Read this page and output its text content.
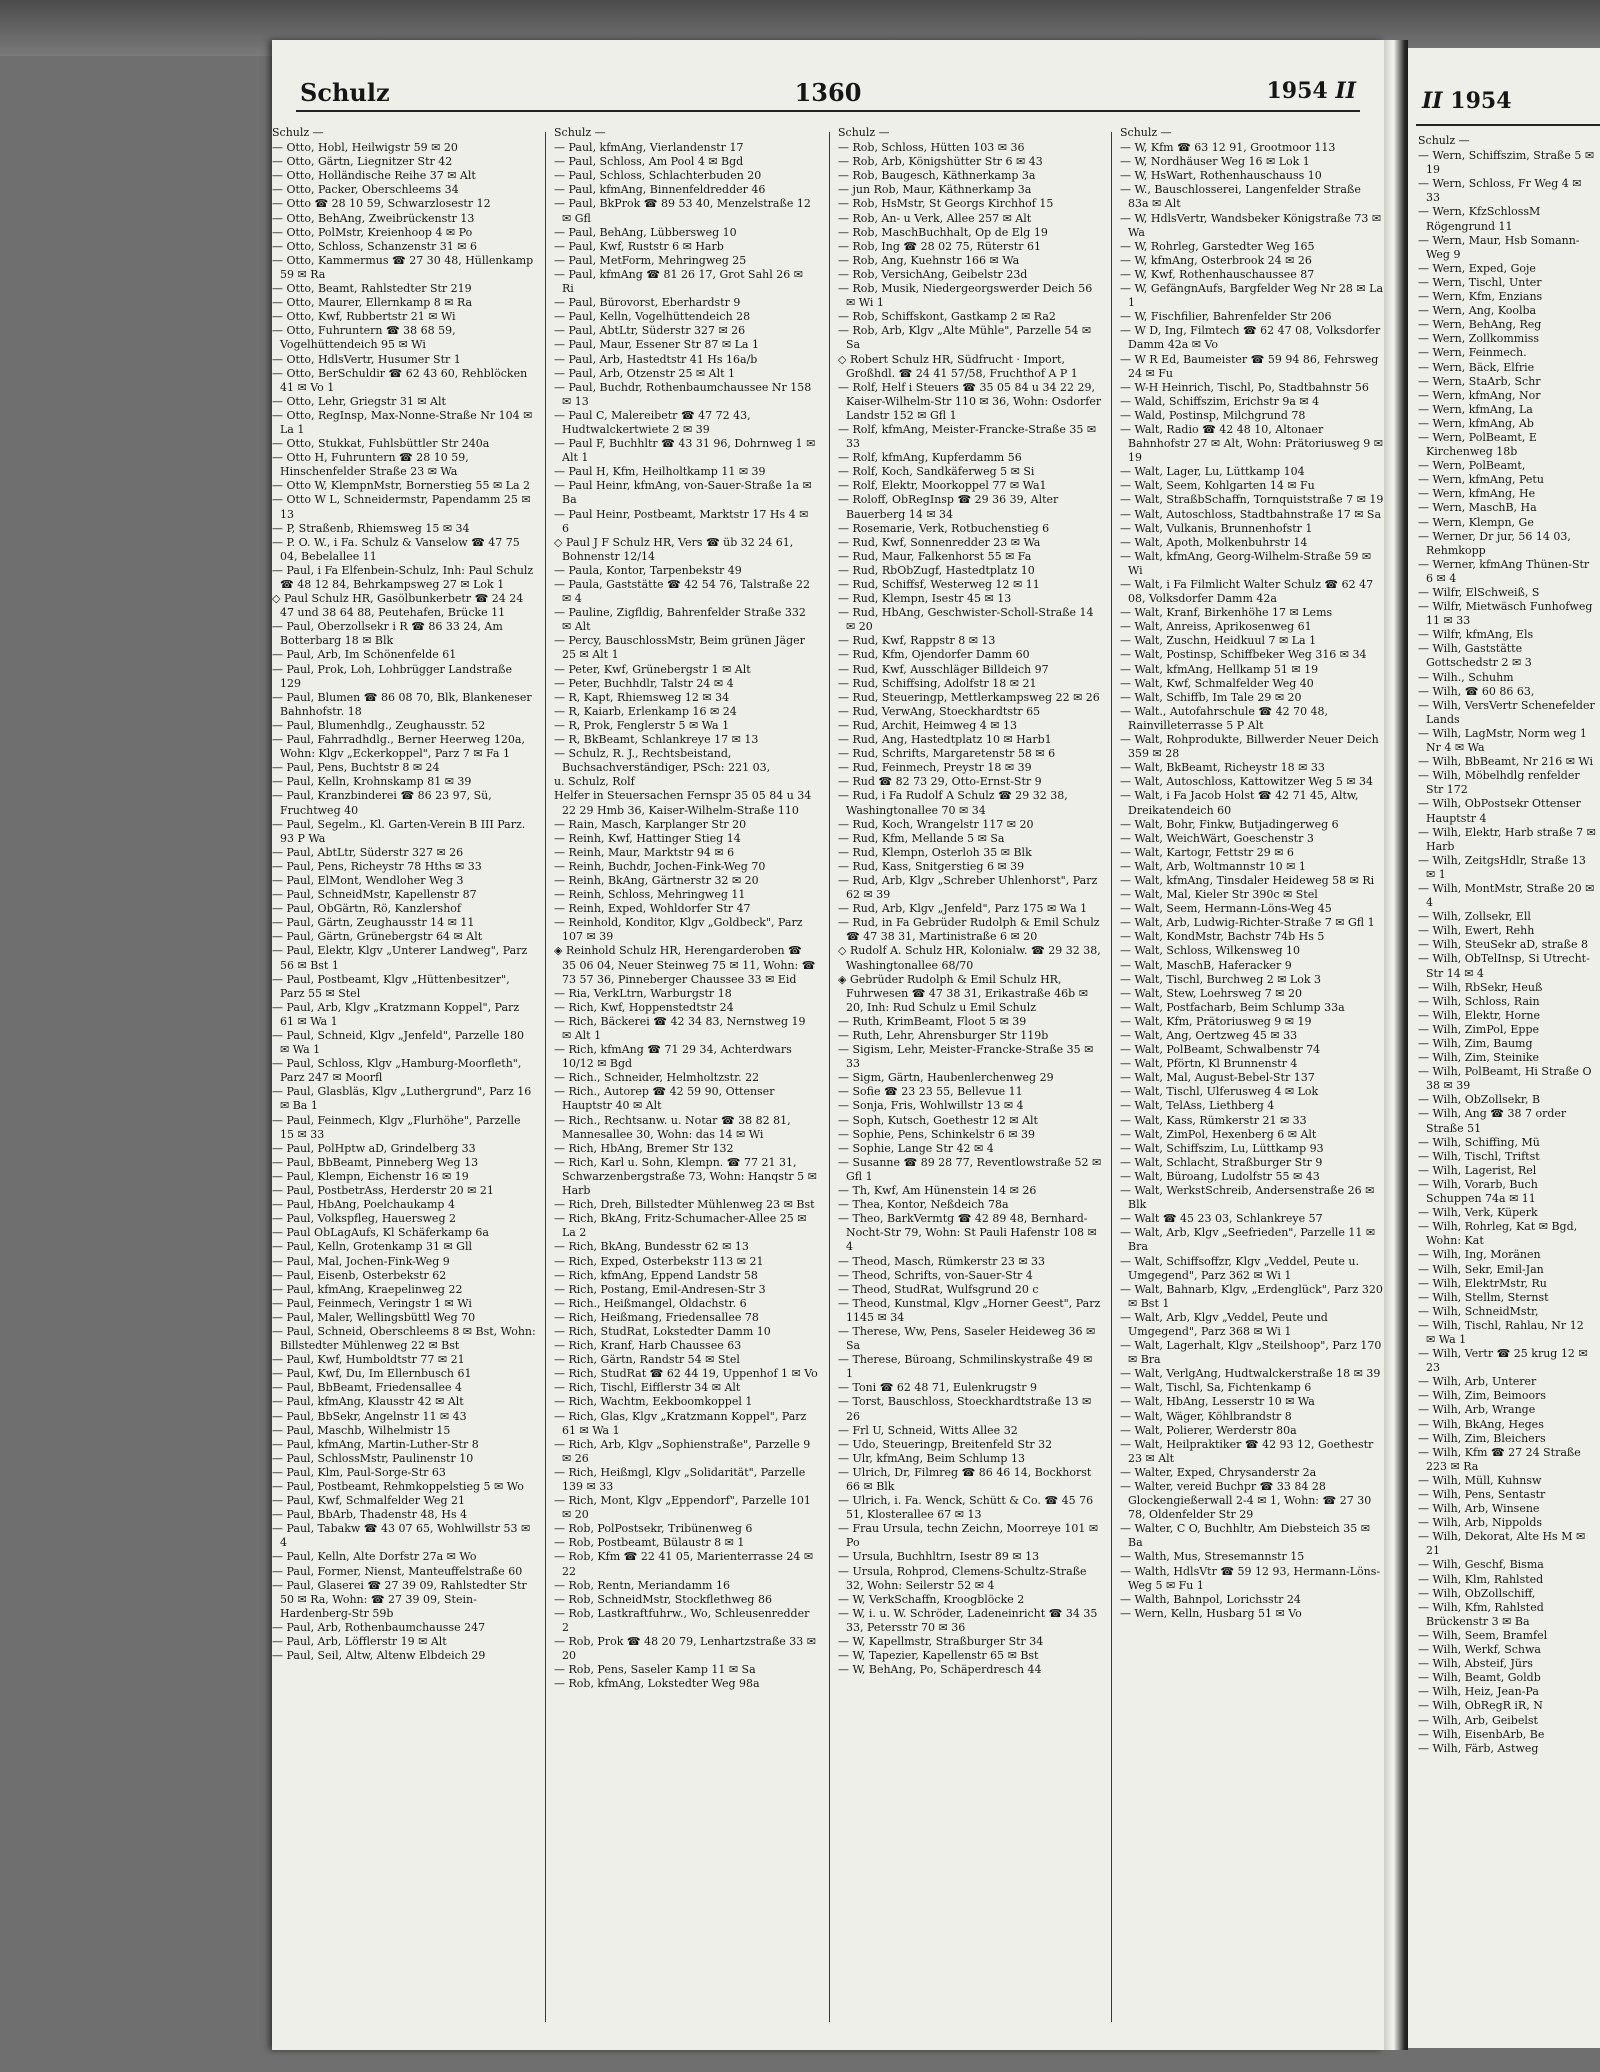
Schulz	1360	1954 II
Schulz —
— Otto, Hobl, Heilwigstr 59 ✉ 20
— Otto, Gärtn, Liegnitzer Str 42
— Otto, Holländische Reihe 37 ✉ Alt
— Otto, Packer, Oberschleems 34
— Otto ☎ 28 10 59, Schwarzlosestr 12
— Otto, BehAng, Zweibrückenstr 13
— Otto, PolMstr, Kreienhoop 4 ✉ Po
— Otto, Schloss, Schanzenstr 31 ✉ 6
— Otto, Kammermus ☎ 27 30 48, Hüllenkamp 59 ✉ Ra
— Otto, Beamt, Rahlstedter Str 219
— Otto, Maurer, Ellernkamp 8 ✉ Ra
— Otto, Kwf, Rubbertstr 21 ✉ Wi
— Otto, Fuhruntern ☎ 38 68 59, Vogelhüttendeich 95 ✉ Wi
— Otto, HdlsVertr, Husumer Str 1
— Otto, BerSchuldir ☎ 62 43 60, Rehblöcken 41 ✉ Vo 1
— Otto, Lehr, Griegstr 31 ✉ Alt
— Otto, RegInsp, Max-Nonne-Straße Nr 104 ✉ La 1
— Otto, Stukkat, Fuhlsbüttler Str 240a
— Otto H, Fuhruntern ☎ 28 10 59, Hinschenfelder Straße 23 ✉ Wa
— Otto W, KlempnMstr, Bornerstieg 55 ✉ La 2
— Otto W L, Schneidermstr, Papendamm 25 ✉ 13
— P, Straßenb, Rhiemsweg 15 ✉ 34
— P. O. W., i Fa. Schulz & Vanselow ☎ 47 75 04, Bebelallee 11
— Paul, i Fa Elfenbein-Schulz, Inh: Paul Schulz ☎ 48 12 84, Behrkampsweg 27 ✉ Lok 1
◇ Paul Schulz HR, Gasölbunkerbetr ☎ 24 24 47 und 38 64 88, Peutehafen, Brücke 11
— Paul, Oberzollsekr i R ☎ 86 33 24, Am Botterbarg 18 ✉ Blk
— Paul, Arb, Im Schönenfelde 61
— Paul, Prok, Loh, Lohbrügger Landstraße 129
— Paul, Blumen ☎ 86 08 70, Blk, Blankeneser Bahnhofstr. 18
— Paul, Blumenhdlg., Zeughausstr. 52
— Paul, Fahrradhdlg., Berner Heerweg 120a, Wohn: Klgv „Eckerkoppel", Parz 7 ✉ Fa 1
— Paul, Pens, Buchtstr 8 ✉ 24
— Paul, Kelln, Krohnskamp 81 ✉ 39
— Paul, Kranzbinderei ☎ 86 23 97, Sü, Fruchtweg 40
— Paul, Segelm., Kl. Garten-Verein B III Parz. 93 P Wa
— Paul, AbtLtr, Süderstr 327 ✉ 26
— Paul, Pens, Richeystr 78 Hths ✉ 33
— Paul, ElMont, Wendloher Weg 3
— Paul, SchneidMstr, Kapellenstr 87
— Paul, ObGärtn, Rö, Kanzlershof
— Paul, Gärtn, Zeughausstr 14 ✉ 11
— Paul, Gärtn, Grünebergstr 64 ✉ Alt
— Paul, Elektr, Klgv „Unterer Landweg", Parz 56 ✉ Bst 1
— Paul, Postbeamt, Klgv „Hüttenbesitzer", Parz 55 ✉ Stel
— Paul, Arb, Klgv „Kratzmann Koppel", Parz 61 ✉ Wa 1
— Paul, Schneid, Klgv „Jenfeld", Parzelle 180 ✉ Wa 1
— Paul, Schloss, Klgv „Hamburg-Moorfleth", Parz 247 ✉ Moorfl
— Paul, Glasbläs, Klgv „Luthergrund", Parz 16 ✉ Ba 1
— Paul, Feinmech, Klgv „Flurhöhe", Parzelle 15 ✉ 33
— Paul, PolHptw aD, Grindelberg 33
— Paul, BbBeamt, Pinneberg Weg 13
— Paul, Klempn, Eichenstr 16 ✉ 19
— Paul, PostbetrAss, Herderstr 20 ✉ 21
— Paul, HbAng, Poelchaukamp 4
— Paul, Volkspfleg, Hauersweg 2
— Paul ObLagAufs, Kl Schäferkamp 6a
— Paul, Kelln, Grotenkamp 31 ✉ Gll
— Paul, Mal, Jochen-Fink-Weg 9
— Paul, Eisenb, Osterbekstr 62
— Paul, kfmAng, Kraepelinweg 22
— Paul, Feinmech, Veringstr 1 ✉ Wi
— Paul, Maler, Wellingsbüttl Weg 70
— Paul, Schneid, Oberschleems 8 ✉ Bst, Wohn: Billstedter Mühlenweg 22 ✉ Bst
— Paul, Kwf, Humboldtstr 77 ✉ 21
— Paul, Kwf, Du, Im Ellernbusch 61
— Paul, BbBeamt, Friedensallee 4
— Paul, kfmAng, Klausstr 42 ✉ Alt
— Paul, BbSekr, Angelnstr 11 ✉ 43
— Paul, Maschb, Wilhelmistr 15
— Paul, kfmAng, Martin-Luther-Str 8
— Paul, SchlossMstr, Paulinenstr 10
— Paul, Klm, Paul-Sorge-Str 63
— Paul, Postbeamt, Rehmkoppelstieg 5 ✉ Wo
— Paul, Kwf, Schmalfelder Weg 21
— Paul, BbArb, Thadenstr 48, Hs 4
— Paul, Tabakw ☎ 43 07 65, Wohlwillstr 53 ✉ 4
— Paul, Kelln, Alte Dorfstr 27a ✉ Wo
— Paul, Former, Nienst, Manteuffelstraße 60
— Paul, Glaserei ☎ 27 39 09, Rahlstedter Str 50 ✉ Ra, Wohn: ☎ 27 39 09, Stein-Hardenberg-Str 59b
— Paul, Arb, Rothenbaumchausse 247
— Paul, Arb, Löfflerstr 19 ✉ Alt
— Paul, Seil, Altw, Altenw Elbdeich 29
Schulz —
— Paul, kfmAng, Vierlandenstr 17
— Paul, Schloss, Am Pool 4 ✉ Bgd
— Paul, Schloss, Schlachterbuden 20
— Paul, kfmAng, Binnenfeldredder 46
— Paul, BkProk ☎ 89 53 40, Menzelstraße 12 ✉ Gfl
— Paul, BehAng, Lübbersweg 10
— Paul, Kwf, Ruststr 6 ✉ Harb
— Paul, MetForm, Mehringweg 25
— Paul, kfmAng ☎ 81 26 17, Grot Sahl 26 ✉ Ri
— Paul, Bürovorst, Eberhardstr 9
— Paul, Kelln, Vogelhüttendeich 28
— Paul, AbtLtr, Süderstr 327 ✉ 26
— Paul, Maur, Essener Str 87 ✉ La 1
— Paul, Arb, Hastedtstr 41 Hs 16a/b
— Paul, Arb, Otzenstr 25 ✉ Alt 1
— Paul, Buchdr, Rothenbaumchaussee Nr 158 ✉ 13
— Paul C, Malereibetr ☎ 47 72 43, Hudtwalckertwiete 2 ✉ 39
— Paul F, Buchhltr ☎ 43 31 96, Dohrnweg 1 ✉ Alt 1
— Paul H, Kfm, Heilholtkamp 11 ✉ 39
— Paul Heinr, kfmAng, von-Sauer-Straße 1a ✉ Ba
— Paul Heinr, Postbeamt, Marktstr 17 Hs 4 ✉ 6
◇ Paul J F Schulz HR, Vers ☎ üb 32 24 61, Bohnenstr 12/14
— Paula, Kontor, Tarpenbekstr 49
— Paula, Gaststätte ☎ 42 54 76, Talstraße 22 ✉ 4
— Pauline, Zigfldig, Bahrenfelder Straße 332 ✉ Alt
— Percy, BauschlossMstr, Beim grünen Jäger 25 ✉ Alt 1
— Peter, Kwf, Grünebergstr 1 ✉ Alt
— Peter, Buchhdlr, Talstr 24 ✉ 4
— R, Kapt, Rhiemsweg 12 ✉ 34
— R, Kaiarb, Erlenkamp 16 ✉ 24
— R, Prok, Fenglerstr 5 ✉ Wa 1
— R, BkBeamt, Schlankreye 17 ✉ 13
— Schulz, R. J., Rechtsbeistand, Buchsachverständiger, PSch: 221 03,
u. Schulz, Rolf
Helfer in Steuersachen Fernspr 35 05 84 u 34 22 29 Hmb 36, Kaiser-Wilhelm-Straße 110
— Rain, Masch, Karplanger Str 20
— Reinh, Kwf, Hattinger Stieg 14
— Reinh, Maur, Marktstr 94 ✉ 6
— Reinh, Buchdr, Jochen-Fink-Weg 70
— Reinh, BkAng, Gärtnerstr 32 ✉ 20
— Reinh, Schloss, Mehringweg 11
— Reinh, Exped, Wohldorfer Str 47
— Reinhold, Konditor, Klgv „Goldbeck", Parz 107 ✉ 39
◈ Reinhold Schulz HR, Herengarderoben ☎ 35 06 04, Neuer Steinweg 75 ✉ 11, Wohn: ☎ 73 57 36, Pinneberger Chaussee 33 ✉ Eid
— Ria, VerkLtrn, Warburgstr 18
— Rich, Kwf, Hoppenstedtstr 24
— Rich, Bäckerei ☎ 42 34 83, Nernstweg 19 ✉ Alt 1
— Rich, kfmAng ☎ 71 29 34, Achterdwars 10/12 ✉ Bgd
— Rich., Schneider, Helmholtzstr. 22
— Rich., Autorep ☎ 42 59 90, Ottenser Hauptstr 40 ✉ Alt
— Rich., Rechtsanw. u. Notar ☎ 38 82 81, Mannesallee 30, Wohn: das 14 ✉ Wi
— Rich, HbAng, Bremer Str 132
— Rich, Karl u. Sohn, Klempn. ☎ 77 21 31, Schwarzenbergstraße 73, Wohn: Hanqstr 5 ✉ Harb
— Rich, Dreh, Billstedter Mühlenweg 23 ✉ Bst
— Rich, BkAng, Fritz-Schumacher-Allee 25 ✉ La 2
— Rich, BkAng, Bundesstr 62 ✉ 13
— Rich, Exped, Osterbekstr 113 ✉ 21
— Rich, kfmAng, Eppend Landstr 58
— Rich, Postang, Emil-Andresen-Str 3
— Rich., Heißmangel, Oldachstr. 6
— Rich, Heißmang, Friedensallee 78
— Rich, StudRat, Lokstedter Damm 10
— Rich, Kranf, Harb Chaussee 63
— Rich, Gärtn, Randstr 54 ✉ Stel
— Rich, StudRat ☎ 62 44 19, Uppenhof 1 ✉ Vo
— Rich, Tischl, Eifflerstr 34 ✉ Alt
— Rich, Wachtm, Eekboomkoppel 1
— Rich, Glas, Klgv „Kratzmann Koppel", Parz 61 ✉ Wa 1
— Rich, Arb, Klgv „Sophienstraße", Parzelle 9 ✉ 26
— Rich, Heißmgl, Klgv „Solidarität", Parzelle 139 ✉ 33
— Rich, Mont, Klgv „Eppendorf", Parzelle 101 ✉ 20
— Rob, PolPostsekr, Tribünenweg 6
— Rob, Postbeamt, Bülaustr 8 ✉ 1
— Rob, Kfm ☎ 22 41 05, Marienterrasse 24 ✉ 22
— Rob, Rentn, Meriandamm 16
— Rob, SchneidMstr, Stockflethweg 86
— Rob, Lastkraftfuhrw., Wo, Schleusenredder 2
— Rob, Prok ☎ 48 20 79, Lenhartzstraße 33 ✉ 20
— Rob, Pens, Saseler Kamp 11 ✉ Sa
— Rob, kfmAng, Lokstedter Weg 98a
Schulz —
— Rob, Schloss, Hütten 103 ✉ 36
— Rob, Arb, Königshütter Str 6 ✉ 43
— Rob, Baugesch, Käthnerkamp 3a
— jun Rob, Maur, Käthnerkamp 3a
— Rob, HsMstr, St Georgs Kirchhof 15
— Rob, An- u Verk, Allee 257 ✉ Alt
— Rob, MaschBuchhalt, Op de Elg 19
— Rob, Ing ☎ 28 02 75, Rüterstr 61
— Rob, Ang, Kuehnstr 166 ✉ Wa
— Rob, VersichAng, Geibelstr 23d
— Rob, Musik, Niedergeorgswerder Deich 56 ✉ Wi 1
— Rob, Schiffskont, Gastkamp 2 ✉ Ra2
— Rob, Arb, Klgv „Alte Mühle", Parzelle 54 ✉ Sa
◇ Robert Schulz HR, Südfrucht · Import, Großhdl. ☎ 24 41 57/58, Fruchthof A P 1
— Rolf, Helf i Steuers ☎ 35 05 84 u 34 22 29, Kaiser-Wilhelm-Str 110 ✉ 36, Wohn: Osdorfer Landstr 152 ✉ Gfl 1
— Rolf, kfmAng, Meister-Francke-Straße 35 ✉ 33
— Rolf, kfmAng, Kupferdamm 56
— Rolf, Koch, Sandkäferweg 5 ✉ Si
— Rolf, Elektr, Moorkoppel 77 ✉ Wa1
— Roloff, ObRegInsp ☎ 29 36 39, Alter Bauerberg 14 ✉ 34
— Rosemarie, Verk, Rotbuchenstieg 6
— Rud, Kwf, Sonnenredder 23 ✉ Wa
— Rud, Maur, Falkenhorst 55 ✉ Fa
— Rud, RbObZugf, Hastedtplatz 10
— Rud, Schiffsf, Westerweg 12 ✉ 11
— Rud, Klempn, Isestr 45 ✉ 13
— Rud, HbAng, Geschwister-Scholl-Straße 14 ✉ 20
— Rud, Kwf, Rappstr 8 ✉ 13
— Rud, Kfm, Ojendorfer Damm 60
— Rud, Kwf, Ausschläger Billdeich 97
— Rud, Schiffsing, Adolfstr 18 ✉ 21
— Rud, Steueringp, Mettlerkampsweg 22 ✉ 26
— Rud, VerwAng, Stoeckhardtstr 65
— Rud, Archit, Heimweg 4 ✉ 13
— Rud, Ang, Hastedtplatz 10 ✉ Harb1
— Rud, Schrifts, Margaretenstr 58 ✉ 6
— Rud, Feinmech, Preystr 18 ✉ 39
— Rud ☎ 82 73 29, Otto-Ernst-Str 9
— Rud, i Fa Rudolf A Schulz ☎ 29 32 38, Washingtonallee 70 ✉ 34
— Rud, Koch, Wrangelstr 117 ✉ 20
— Rud, Kfm, Mellande 5 ✉ Sa
— Rud, Klempn, Osterloh 35 ✉ Blk
— Rud, Kass, Snitgerstieg 6 ✉ 39
— Rud, Arb, Klgv „Schreber Uhlenhorst", Parz 62 ✉ 39
— Rud, Arb, Klgv „Jenfeld", Parz 175 ✉ Wa 1
— Rud, in Fa Gebrüder Rudolph & Emil Schulz ☎ 47 38 31, Martinistraße 6 ✉ 20
◇ Rudolf A. Schulz HR, Kolonialw. ☎ 29 32 38, Washingtonallee 68/70
◈ Gebrüder Rudolph & Emil Schulz HR, Fuhrwesen ☎ 47 38 31, Erikastraße 46b ✉ 20, Inh: Rud Schulz u Emil Schulz
— Ruth, KrimBeamt, Floot 5 ✉ 39
— Ruth, Lehr, Ahrensburger Str 119b
— Sigism, Lehr, Meister-Francke-Straße 35 ✉ 33
— Sigm, Gärtn, Haubenlerchenweg 29
— Sofie ☎ 23 23 55, Bellevue 11
— Sonja, Fris, Wohlwillstr 13 ✉ 4
— Soph, Kutsch, Goethestr 12 ✉ Alt
— Sophie, Pens, Schinkelstr 6 ✉ 39
— Sophie, Lange Str 42 ✉ 4
— Susanne ☎ 89 28 77, Reventlowstraße 52 ✉ Gfl 1
— Th, Kwf, Am Hünenstein 14 ✉ 26
— Thea, Kontor, Neßdeich 78a
— Theo, BarkVermtg ☎ 42 89 48, Bernhard-Nocht-Str 79, Wohn: St Pauli Hafenstr 108 ✉ 4
— Theod, Masch, Rümkerstr 23 ✉ 33
— Theod, Schrifts, von-Sauer-Str 4
— Theod, StudRat, Wulfsgrund 20 c
— Theod, Kunstmal, Klgv „Horner Geest", Parz 1145 ✉ 34
— Therese, Ww, Pens, Saseler Heideweg 36 ✉ Sa
— Therese, Büroang, Schmilinskystraße 49 ✉ 1
— Toni ☎ 62 48 71, Eulenkrugstr 9
— Torst, Bauschloss, Stoeckhardtstraße 13 ✉ 26
— Frl U, Schneid, Witts Allee 32
— Udo, Steueringp, Breitenfeld Str 32
— Ulr, kfmAng, Beim Schlump 13
— Ulrich, Dr, Filmreg ☎ 86 46 14, Bockhorst 66 ✉ Blk
— Ulrich, i. Fa. Wenck, Schütt & Co. ☎ 45 76 51, Klosterallee 67 ✉ 13
— Frau Ursula, techn Zeichn, Moorreye 101 ✉ Po
— Ursula, Buchhltrn, Isestr 89 ✉ 13
— Ursula, Rohprod, Clemens-Schultz-Straße 32, Wohn: Seilerstr 52 ✉ 4
— W, VerkSchaffn, Kroogblöcke 2
— W, i. u. W. Schröder, Ladeneinricht ☎ 34 35 33, Petersstr 70 ✉ 36
— W, Kapellmstr, Straßburger Str 34
— W, Tapezier, Kapellenstr 65 ✉ Bst
— W, BehAng, Po, Schäperdresch 44
Schulz —
— W, Kfm ☎ 63 12 91, Grootmoor 113
— W, Nordhäuser Weg 16 ✉ Lok 1
— W, HsWart, Rothenhauschauss 10
— W., Bauschlosserei, Langenfelder Straße 83a ✉ Alt
— W, HdlsVertr, Wandsbeker Königstraße 73 ✉ Wa
— W, Rohrleg, Garstedter Weg 165
— W, kfmAng, Osterbrook 24 ✉ 26
— W, Kwf, Rothenhauschaussee 87
— W, GefängnAufs, Bargfelder Weg Nr 28 ✉ La 1
— W, Fischfilier, Bahrenfelder Str 206
— W D, Ing, Filmtech ☎ 62 47 08, Volksdorfer Damm 42a ✉ Vo
— W R Ed, Baumeister ☎ 59 94 86, Fehrsweg 24 ✉ Fu
— W-H Heinrich, Tischl, Po, Stadtbahnstr 56
— Wald, Schiffszim, Erichstr 9a ✉ 4
— Wald, Postinsp, Milchgrund 78
— Walt, Radio ☎ 42 48 10, Altonaer Bahnhofstr 27 ✉ Alt, Wohn: Prätoriusweg 9 ✉ 19
— Walt, Lager, Lu, Lüttkamp 104
— Walt, Seem, Kohlgarten 14 ✉ Fu
— Walt, StraßbSchaffn, Tornquiststraße 7 ✉ 19
— Walt, Autoschloss, Stadtbahnstraße 17 ✉ Sa
— Walt, Vulkanis, Brunnenhofstr 1
— Walt, Apoth, Molkenbuhrstr 14
— Walt, kfmAng, Georg-Wilhelm-Straße 59 ✉ Wi
— Walt, i Fa Filmlicht Walter Schulz ☎ 62 47 08, Volksdorfer Damm 42a
— Walt, Kranf, Birkenhöhe 17 ✉ Lems
— Walt, Anreiss, Aprikosenweg 61
— Walt, Zuschn, Heidkuul 7 ✉ La 1
— Walt, Postinsp, Schiffbeker Weg 316 ✉ 34
— Walt, kfmAng, Hellkamp 51 ✉ 19
— Walt, Kwf, Schmalfelder Weg 40
— Walt, Schiffb, Im Tale 29 ✉ 20
— Walt., Autofahrschule ☎ 42 70 48, Rainvilleterrasse 5 P Alt
— Walt, Rohprodukte, Billwerder Neuer Deich 359 ✉ 28
— Walt, BkBeamt, Richeystr 18 ✉ 33
— Walt, Autoschloss, Kattowitzer Weg 5 ✉ 34
— Walt, i Fa Jacob Holst ☎ 42 71 45, Altw, Dreikatendeich 60
— Walt, Bohr, Finkw, Butjadingerweg 6
— Walt, WeichWärt, Goeschenstr 3
— Walt, Kartogr, Fettstr 29 ✉ 6
— Walt, Arb, Woltmannstr 10 ✉ 1
— Walt, kfmAng, Tinsdaler Heideweg 58 ✉ Ri
— Walt, Mal, Kieler Str 390c ✉ Stel
— Walt, Seem, Hermann-Löns-Weg 45
— Walt, Arb, Ludwig-Richter-Straße 7 ✉ Gfl 1
— Walt, KondMstr, Bachstr 74b Hs 5
— Walt, Schloss, Wilkensweg 10
— Walt, MaschB, Haferacker 9
— Walt, Tischl, Burchweg 2 ✉ Lok 3
— Walt, Stew, Loehrsweg 7 ✉ 20
— Walt, Postfacharb, Beim Schlump 33a
— Walt, Kfm, Prätoriusweg 9 ✉ 19
— Walt, Ang, Oertzweg 45 ✉ 33
— Walt, PolBeamt, Schwalbenstr 74
— Walt, Pförtn, Kl Brunnenstr 4
— Walt, Mal, August-Bebel-Str 137
— Walt, Tischl, Ulferusweg 4 ✉ Lok
— Walt, TelAss, Liethberg 4
— Walt, Kass, Rümkerstr 21 ✉ 33
— Walt, ZimPol, Hexenberg 6 ✉ Alt
— Walt, Schiffszim, Lu, Lüttkamp 93
— Walt, Schlacht, Straßburger Str 9
— Walt, Büroang, Ludolfstr 55 ✉ 43
— Walt, WerkstSchreib, Andersenstraße 26 ✉ Blk
— Walt ☎ 45 23 03, Schlankreye 57
— Walt, Arb, Klgv „Seefrieden", Parzelle 11 ✉ Bra
— Walt, Schiffsoffzr, Klgv „Veddel, Peute u. Umgegend", Parz 362 ✉ Wi 1
— Walt, Bahnarb, Klgv, „Erdenglück", Parz 320 ✉ Bst 1
— Walt, Arb, Klgv „Veddel, Peute und Umgegend", Parz 368 ✉ Wi 1
— Walt, Lagerhalt, Klgv „Steilshoop", Parz 170 ✉ Bra
— Walt, VerlgAng, Hudtwalckerstraße 18 ✉ 39
— Walt, Tischl, Sa, Fichtenkamp 6
— Walt, HbAng, Lesserstr 10 ✉ Wa
— Walt, Wäger, Köhlbrandstr 8
— Walt, Polierer, Werderstr 80a
— Walt, Heilpraktiker ☎ 42 93 12, Goethestr 23 ✉ Alt
— Walter, Exped, Chrysanderstr 2a
— Walter, vereid Buchpr ☎ 33 84 28 Glockengießerwall 2-4 ✉ 1, Wohn: ☎ 27 30 78, Oldenfelder Str 29
— Walter, C O, Buchhltr, Am Diebsteich 35 ✉ Ba
— Walth, Mus, Stresemannstr 15
— Walth, HdlsVtr ☎ 59 12 93, Hermann-Löns-Weg 5 ✉ Fu 1
— Walth, Bahnpol, Lorichsstr 24
— Wern, Kelln, Husbarg 51 ✉ Vo
II 1954
Schulz —
— Wern, Schiffszim, Straße 5 ✉ 19
— Wern, Schloss, Fr Weg 4 ✉ 33
— Wern, KfzSchlossM Rögengrund 11
— Wern, Maur, Hsb Somann-Weg 9
— Wern, Exped, Goje
— Wern, Tischl, Unter
— Wern, Kfm, Enzians
— Wern, Ang, Koolba
— Wern, BehAng, Reg
— Wern, Zollkommiss
— Wern, Feinmech.
— Wern, Bäck, Elfrie
— Wern, StaArb, Schr
— Wern, kfmAng, Nor
— Wern, kfmAng, La
— Wern, kfmAng, Ab
— Wern, PolBeamt, E Kirchenweg 18b
— Wern, PolBeamt,
— Wern, kfmAng, Petu
— Wern, kfmAng, He
— Wern, MaschB, Ha
— Wern, Klempn, Ge
— Werner, Dr jur, 56 14 03, Rehmkopp
— Werner, kfmAng Thünen-Str 6 ✉ 4
— Wilfr, ElSchweiß, S
— Wilfr, Mietwäsch Funhofweg 11 ✉ 33
— Wilfr, kfmAng, Els
— Wilh, Gaststätte Gottschedstr 2 ✉ 3
— Wilh., Schuhm
— Wilh, ☎ 60 86 63,
— Wilh, VersVertr Schenefelder Lands
— Wilh, LagMstr, Norm weg 1 Nr 4 ✉ Wa
— Wilh, BbBeamt, Nr 216 ✉ Wi
— Wilh, Möbelhdlg renfelder Str 172
— Wilh, ObPostsekr Ottenser Hauptstr 4
— Wilh, Elektr, Harb straße 7 ✉ Harb
— Wilh, ZeitgsHdlr, Straße 13 ✉ 1
— Wilh, MontMstr, Straße 20 ✉ 4
— Wilh, Zollsekr, Ell
— Wilh, Ewert, Rehh
— Wilh, SteuSekr aD, straße 8
— Wilh, ObTelInsp, Si Utrecht-Str 14 ✉ 4
— Wilh, RbSekr, Heuß
— Wilh, Schloss, Rain
— Wilh, Elektr, Horne
— Wilh, ZimPol, Eppe
— Wilh, Zim, Baumg
— Wilh, Zim, Steinike
— Wilh, PolBeamt, Hi Straße O 38 ✉ 39
— Wilh, ObZollsekr, B
— Wilh, Ang ☎ 38 7 order Straße 51
— Wilh, Schiffing, Mü
— Wilh, Tischl, Triftst
— Wilh, Lagerist, Rel
— Wilh, Vorarb, Buch Schuppen 74a ✉ 11
— Wilh, Verk, Küperk
— Wilh, Rohrleg, Kat ✉ Bgd, Wohn: Kat
— Wilh, Ing, Moränen
— Wilh, Sekr, Emil-Jan
— Wilh, ElektrMstr, Ru
— Wilh, Stellm, Sternst
— Wilh, SchneidMstr,
— Wilh, Tischl, Rahlau, Nr 12 ✉ Wa 1
— Wilh, Vertr ☎ 25 krug 12 ✉ 23
— Wilh, Arb, Unterer
— Wilh, Zim, Beimoors
— Wilh, Arb, Wrange
— Wilh, BkAng, Heges
— Wilh, Zim, Bleichers
— Wilh, Kfm ☎ 27 24 Straße 223 ✉ Ra
— Wilh, Müll, Kuhnsw
— Wilh, Pens, Sentastr
— Wilh, Arb, Winsene
— Wilh, Arb, Nippolds
— Wilh, Dekorat, Alte Hs M ✉ 21
— Wilh, Geschf, Bisma
— Wilh, Klm, Rahlsted
— Wilh, ObZollschiff,
— Wilh, Kfm, Rahlsted Brückenstr 3 ✉ Ba
— Wilh, Seem, Bramfel
— Wilh, Werkf, Schwa
— Wilh, Absteif, Jürs
— Wilh, Beamt, Goldb
— Wilh, Heiz, Jean-Pa
— Wilh, ObRegR iR, N
— Wilh, Arb, Geibelst
— Wilh, EisenbArb, Be
— Wilh, Färb, Astweg
